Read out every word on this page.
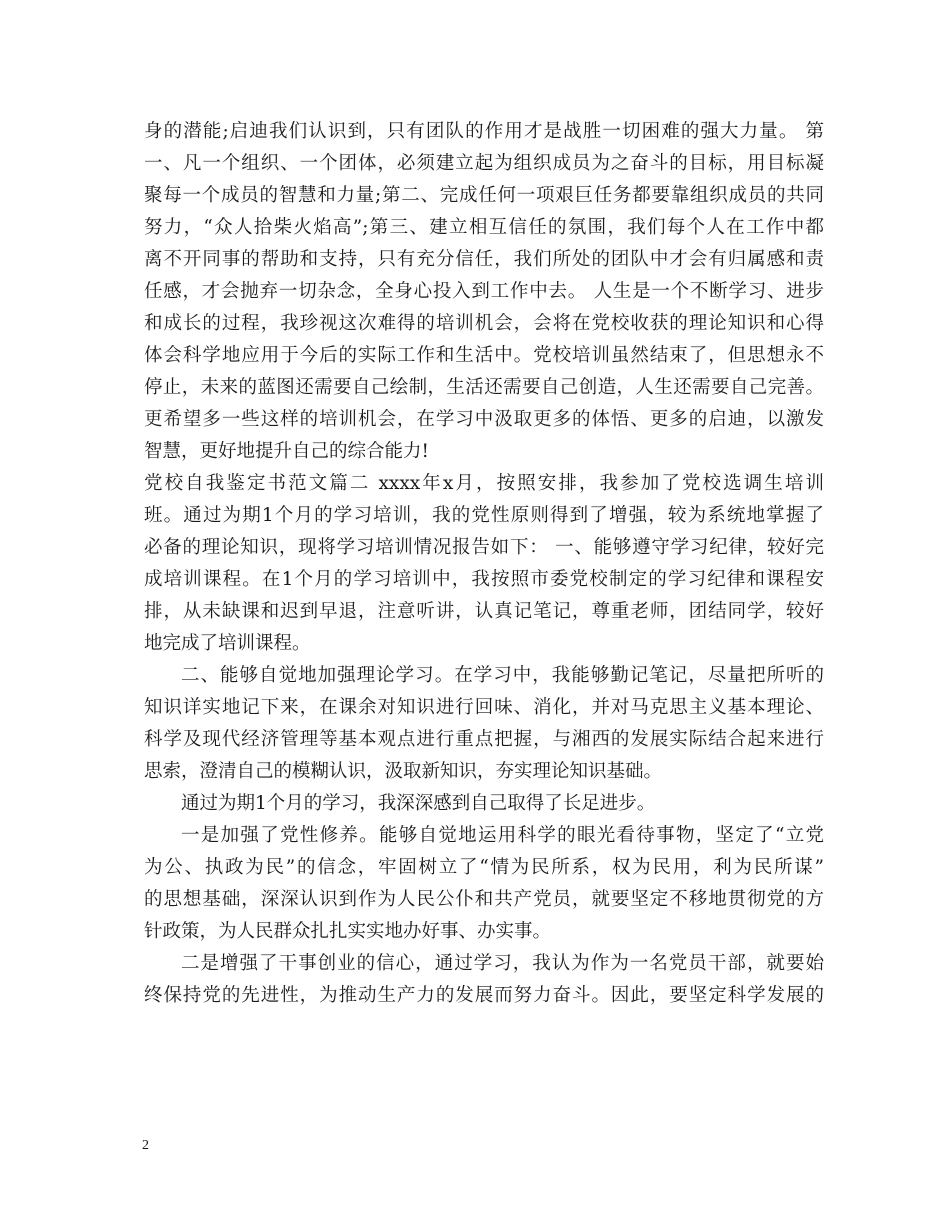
身的潜能;启迪我们认识到，只有团队的作用才是战胜一切困难的强大力量。 第
一、凡一个组织、一个团体，必须建立起为组织成员为之奋斗的目标，用目标凝
聚每一个成员的智慧和力量;第二、完成任何一项艰巨任务都要靠组织成员的共同
努力，“众人拾柴火焰高”;第三、建立相互信任的氛围，我们每个人在工作中都
离不开同事的帮助和支持，只有充分信任，我们所处的团队中才会有归属感和责
任感，才会抛弃一切杂念，全身心投入到工作中去。 人生是一个不断学习、进步
和成长的过程，我珍视这次难得的培训机会，会将在党校收获的理论知识和心得
体会科学地应用于今后的实际工作和生活中。党校培训虽然结束了，但思想永不
停止，未来的蓝图还需要自己绘制，生活还需要自己创造，人生还需要自己完善。
更希望多一些这样的培训机会，在学习中汲取更多的体悟、更多的启迪，以激发
智慧，更好地提升自己的综合能力!
党校自我鉴定书范文篇二 xxxx年x月，按照安排，我参加了党校选调生培训
班。通过为期1个月的学习培训，我的党性原则得到了增强，较为系统地掌握了
必备的理论知识，现将学习培训情况报告如下： 一、能够遵守学习纪律，较好完
成培训课程。在1个月的学习培训中，我按照市委党校制定的学习纪律和课程安
排，从未缺课和迟到早退，注意听讲，认真记笔记，尊重老师，团结同学，较好
地完成了培训课程。
二、能够自觉地加强理论学习。在学习中，我能够勤记笔记，尽量把所听的
知识详实地记下来，在课余对知识进行回味、消化，并对马克思主义基本理论、
科学及现代经济管理等基本观点进行重点把握，与湘西的发展实际结合起来进行
思索，澄清自己的模糊认识，汲取新知识，夯实理论知识基础。
通过为期1个月的学习，我深深感到自己取得了长足进步。
一是加强了党性修养。能够自觉地运用科学的眼光看待事物，坚定了“立党
为公、执政为民”的信念，牢固树立了“情为民所系，权为民用，利为民所谋”
的思想基础，深深认识到作为人民公仆和共产党员，就要坚定不移地贯彻党的方
针政策，为人民群众扎扎实实地办好事、办实事。
二是增强了干事创业的信心，通过学习，我认为作为一名党员干部，就要始
终保持党的先进性，为推动生产力的发展而努力奋斗。因此，要坚定科学发展的
2
